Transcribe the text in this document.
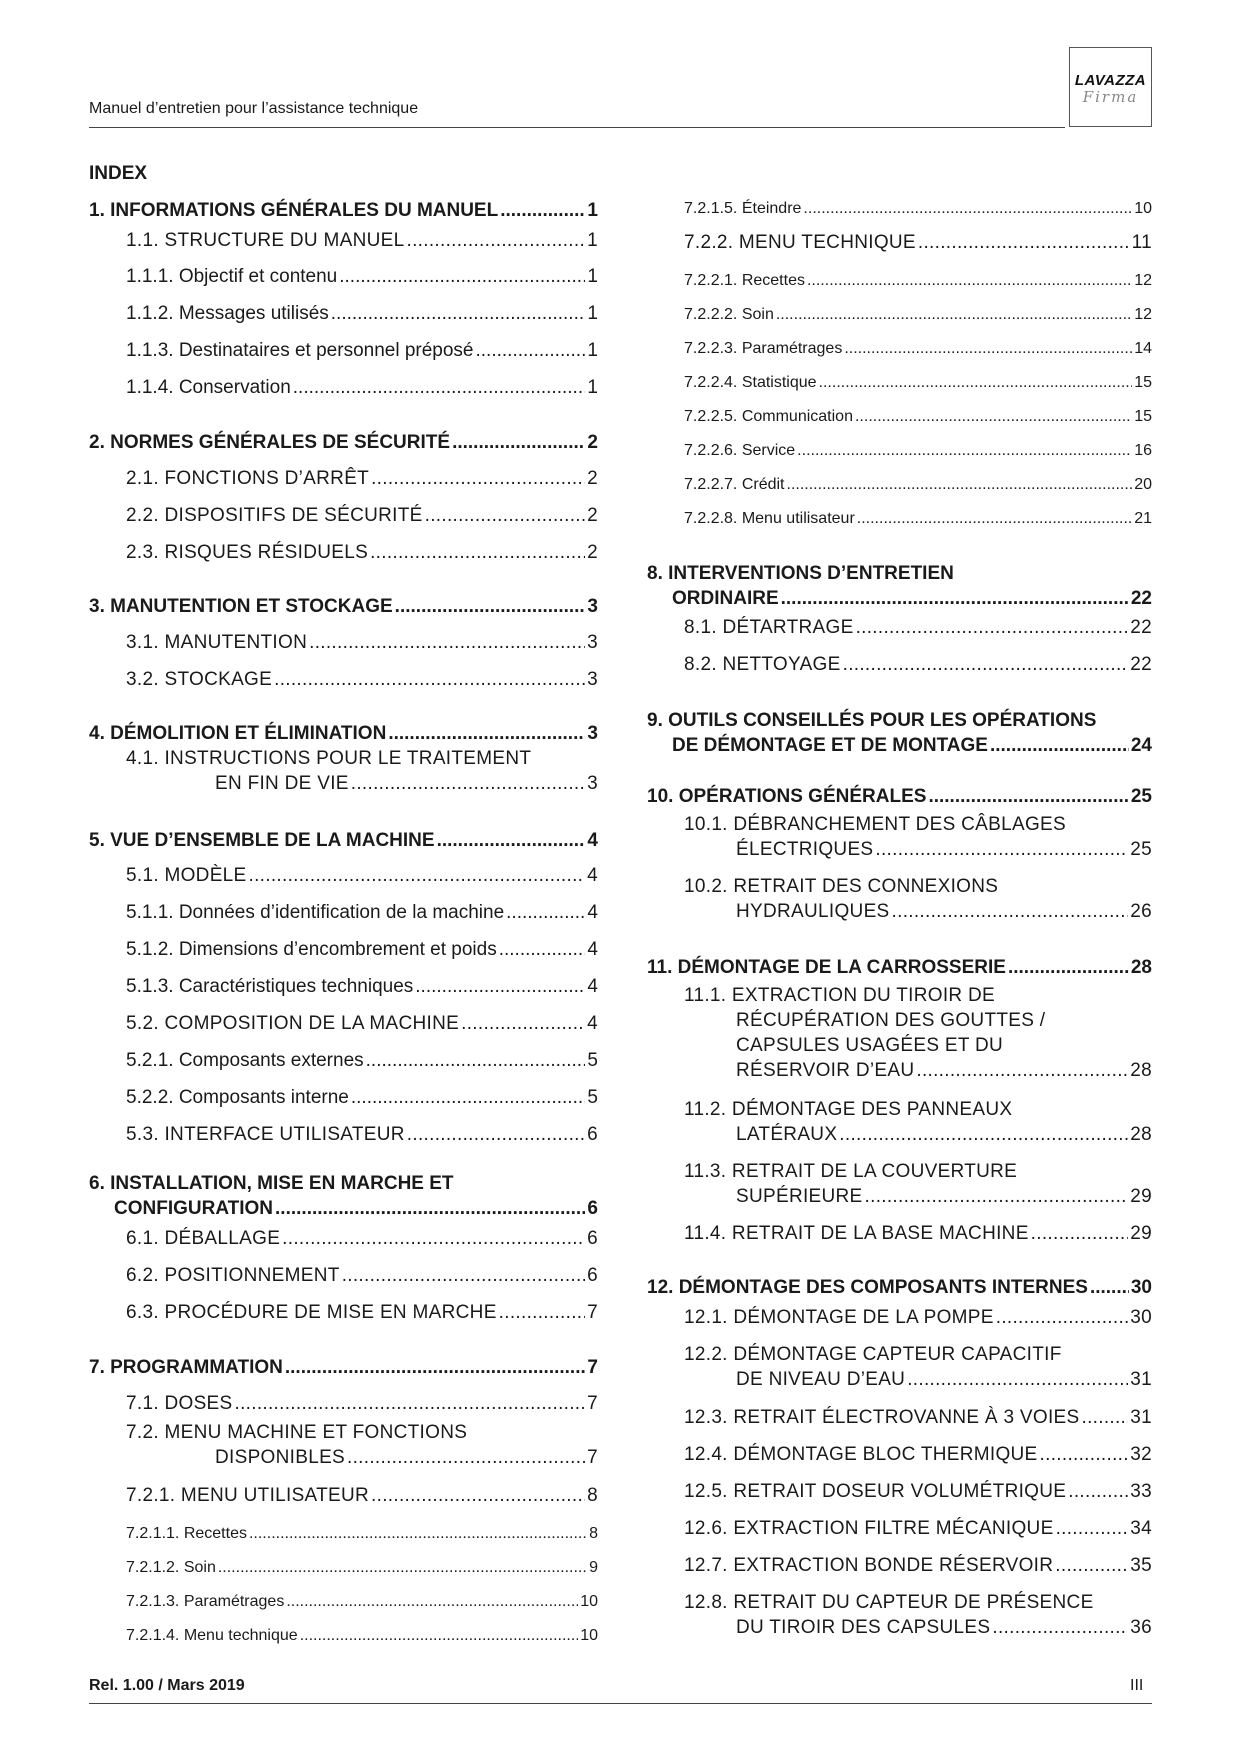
Manuel d’entretien pour l’assistance technique
LAVAZZA
Firma
INDEX
1. INFORMATIONS GÉNÉRALES DU MANUEL .....	1
1.1. STRUCTURE DU MANUEL .....	1
1.1.1. Objectif et contenu .....	1
1.1.2. Messages utilisés .....	1
1.1.3. Destinataires et personnel préposé .....	1
1.1.4. Conservation .....	1
2. NORMES GÉNÉRALES DE SÉCURITÉ .....	2
2.1. FONCTIONS D’ARRÊT .....	2
2.2. DISPOSITIFS DE SÉCURITÉ .....	2
2.3. RISQUES RÉSIDUELS .....	2
3. MANUTENTION ET STOCKAGE .....	3
3.1. MANUTENTION .....	3
3.2. STOCKAGE .....	3
4. DÉMOLITION ET ÉLIMINATION .....	3
4.1. INSTRUCTIONS POUR LE TRAITEMENT
EN FIN DE VIE .....	3
5. VUE D’ENSEMBLE DE LA MACHINE .....	4
5.1. MODÈLE .....	4
5.1.1. Données d’identification de la machine .....	4
5.1.2. Dimensions d’encombrement et poids .....	4
5.1.3. Caractéristiques techniques .....	4
5.2. COMPOSITION DE LA MACHINE .....	4
5.2.1. Composants externes .....	5
5.2.2. Composants interne .....	5
5.3. INTERFACE UTILISATEUR .....	6
6. INSTALLATION, MISE EN MARCHE ET
CONFIGURATION .....	6
6.1. DÉBALLAGE .....	6
6.2. POSITIONNEMENT .....	6
6.3. PROCÉDURE DE MISE EN MARCHE .....	7
7. PROGRAMMATION .....	7
7.1. DOSES .....	7
7.2. MENU MACHINE ET FONCTIONS
DISPONIBLES .....	7
7.2.1. MENU UTILISATEUR .....	8
7.2.1.1. Recettes .....	8
7.2.1.2. Soin .....	9
7.2.1.3. Paramétrages .....	10
7.2.1.4. Menu technique .....	10
7.2.1.5. Éteindre .....	10
7.2.2. MENU TECHNIQUE .....	11
7.2.2.1. Recettes .....	12
7.2.2.2. Soin .....	12
7.2.2.3. Paramétrages .....	14
7.2.2.4. Statistique .....	15
7.2.2.5. Communication .....	15
7.2.2.6. Service .....	16
7.2.2.7. Crédit .....	20
7.2.2.8. Menu utilisateur .....	21
8. INTERVENTIONS D’ENTRETIEN
ORDINAIRE .....	22
8.1. DÉTARTRAGE .....	22
8.2. NETTOYAGE .....	22
9. OUTILS CONSEILLÉS POUR LES OPÉRATIONS
DE DÉMONTAGE ET DE MONTAGE .....	24
10. OPÉRATIONS GÉNÉRALES .....	25
10.1. DÉBRANCHEMENT DES CÂBLAGES
ÉLECTRIQUES .....	25
10.2. RETRAIT DES CONNEXIONS
HYDRAULIQUES .....	26
11. DÉMONTAGE DE LA CARROSSERIE .....	28
11.1. EXTRACTION DU TIROIR DE
RÉCUPÉRATION DES GOUTTES /
CAPSULES USAGÉES ET DU
RÉSERVOIR D’EAU .....	28
11.2. DÉMONTAGE DES PANNEAUX
LATÉRAUX .....	28
11.3. RETRAIT DE LA COUVERTURE
SUPÉRIEURE .....	29
11.4. RETRAIT DE LA BASE MACHINE .....	29
12. DÉMONTAGE DES COMPOSANTS INTERNES ..... 30
12.1. DÉMONTAGE DE LA POMPE .....	30
12.2. DÉMONTAGE CAPTEUR CAPACITIF
DE NIVEAU D’EAU .....	31
12.3. RETRAIT ÉLECTROVANNE À 3 VOIES .....	31
12.4. DÉMONTAGE BLOC THERMIQUE .....	32
12.5. RETRAIT DOSEUR VOLUMÉTRIQUE .....	33
12.6. EXTRACTION FILTRE MÉCANIQUE .....	34
12.7. EXTRACTION BONDE RÉSERVOIR .....	35
12.8. RETRAIT DU CAPTEUR DE PRÉSENCE
DU TIROIR DES CAPSULES .....	36
Rel. 1.00 / Mars 2019	III
